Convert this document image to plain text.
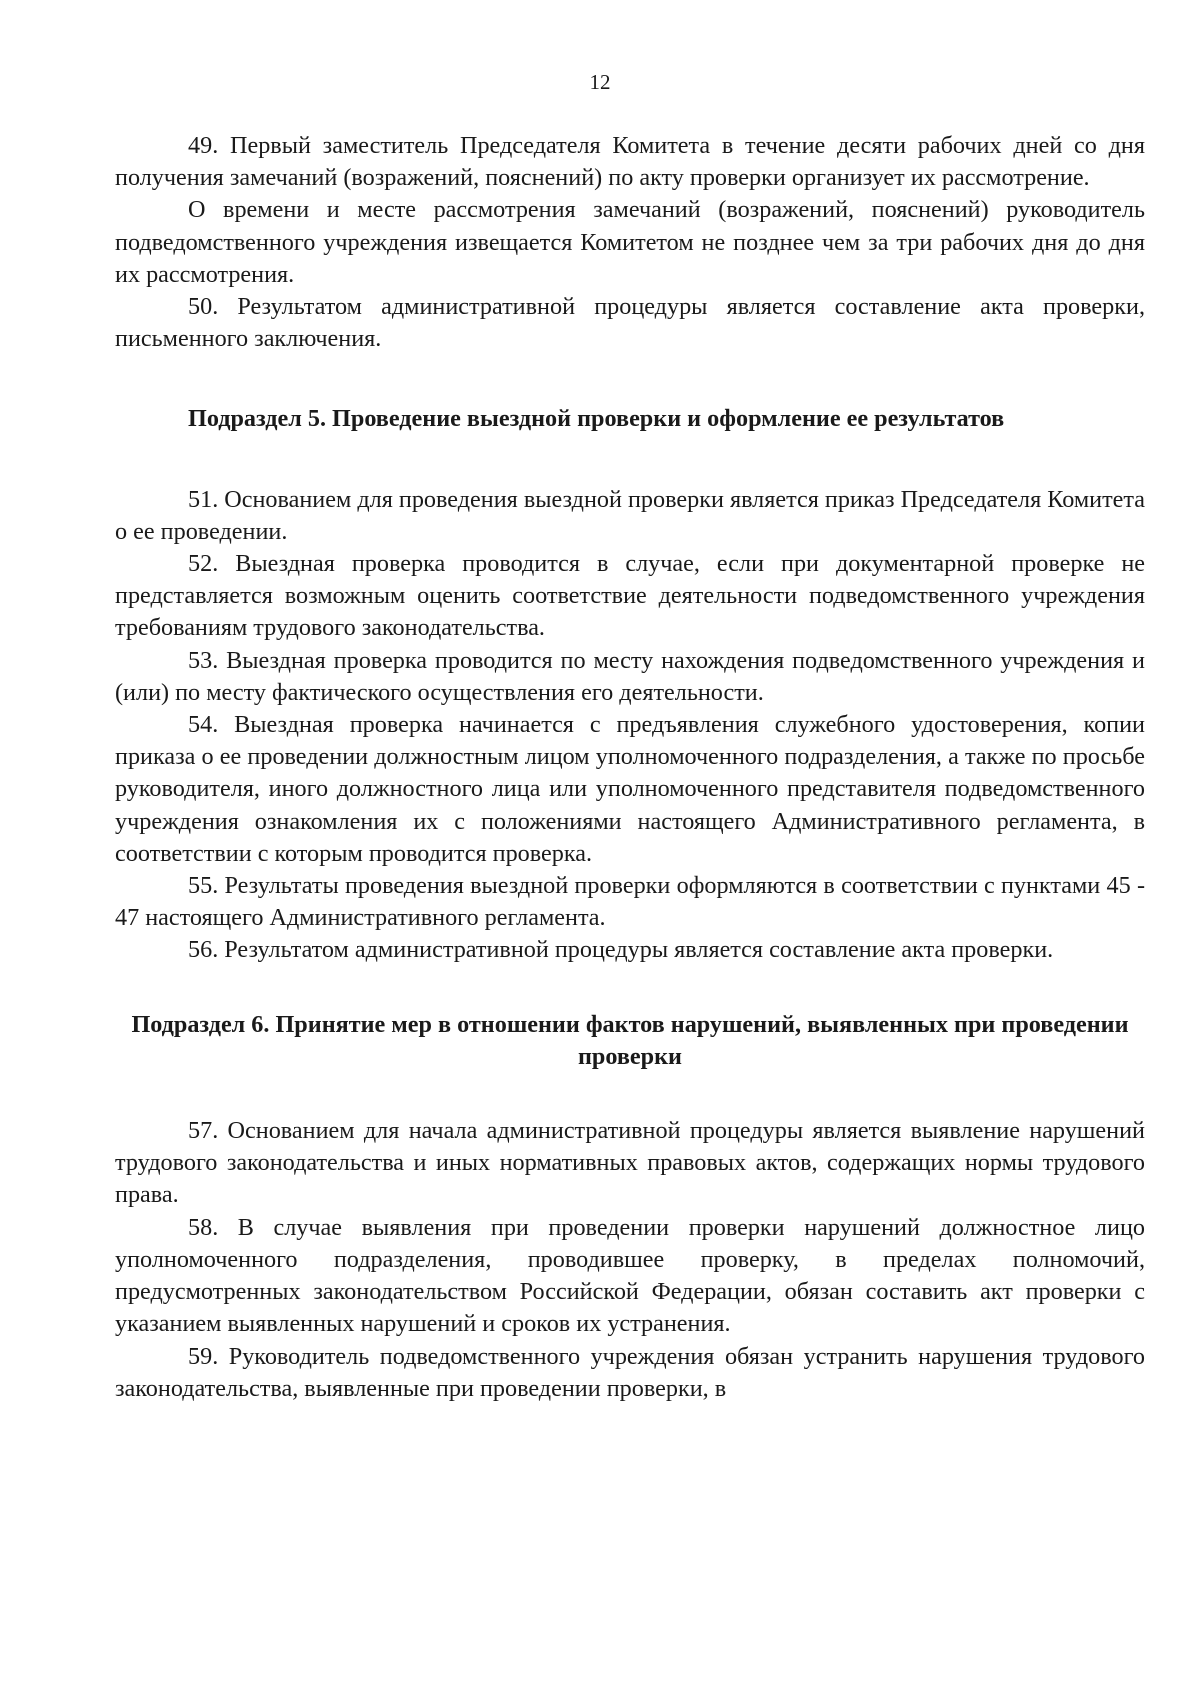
12

49. Первый заместитель Председателя Комитета в течение десяти рабочих дней со дня получения замечаний (возражений, пояснений) по акту проверки организует их рассмотрение.

О времени и месте рассмотрения замечаний (возражений, пояснений) руководитель подведомственного учреждения извещается Комитетом не позднее чем за три рабочих дня до дня их рассмотрения.

50. Результатом административной процедуры является составление акта проверки, письменного заключения.

Подраздел 5. Проведение выездной проверки и оформление ее результатов

51. Основанием для проведения выездной проверки является приказ Председателя Комитета о ее проведении.

52. Выездная проверка проводится в случае, если при документарной проверке не представляется возможным оценить соответствие деятельности подведомственного учреждения требованиям трудового законодательства.

53. Выездная проверка проводится по месту нахождения подведомственного учреждения и (или) по месту фактического осуществления его деятельности.

54. Выездная проверка начинается с предъявления служебного удостоверения, копии приказа о ее проведении должностным лицом уполномоченного подразделения, а также по просьбе руководителя, иного должностного лица или уполномоченного представителя подведомственного учреждения ознакомления их с положениями настоящего Административного регламента, в соответствии с которым проводится проверка.

55. Результаты проведения выездной проверки оформляются в соответствии с пунктами 45 - 47 настоящего Административного регламента.

56. Результатом административной процедуры является составление акта проверки.

Подраздел 6. Принятие мер в отношении фактов нарушений, выявленных при проведении проверки

57. Основанием для начала административной процедуры является выявление нарушений трудового законодательства и иных нормативных правовых актов, содержащих нормы трудового права.

58. В случае выявления при проведении проверки нарушений должностное лицо уполномоченного подразделения, проводившее проверку, в пределах полномочий, предусмотренных законодательством Российской Федерации, обязан составить акт проверки с указанием выявленных нарушений и сроков их устранения.

59. Руководитель подведомственного учреждения обязан устранить нарушения трудового законодательства, выявленные при проведении проверки, в
